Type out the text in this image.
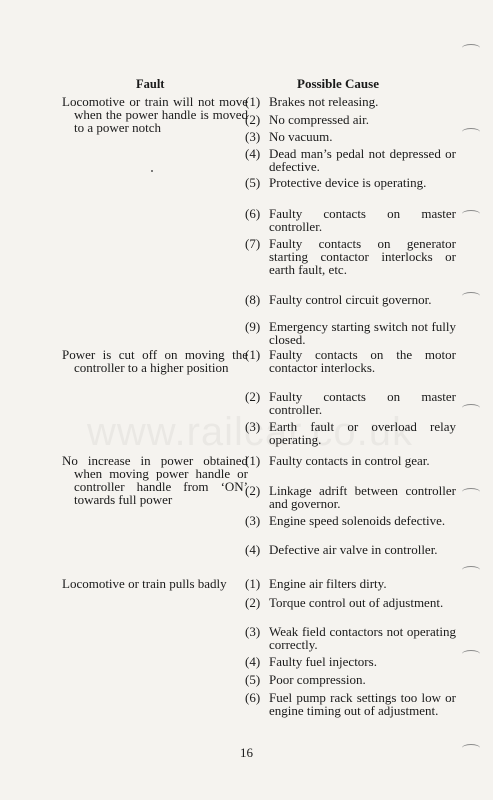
Fault	Possible Cause
Locomotive or train will not move when the power handle is moved to a power notch
(1) Brakes not releasing.
(2) No compressed air.
(3) No vacuum.
(4) Dead man’s pedal not depressed or defective.
(5) Protective device is operating.
(6) Faulty contacts on master controller.
(7) Faulty contacts on generator starting contactor interlocks or earth fault, etc.
(8) Faulty control circuit governor.
(9) Emergency starting switch not fully closed.
Power is cut off on moving the controller to a higher position
(1) Faulty contacts on the motor contactor interlocks.
(2) Faulty contacts on master controller.
(3) Earth fault or overload relay operating.
No increase in power obtained when moving power handle or controller handle from ‘ON’ towards full power
(1) Faulty contacts in control gear.
(2) Linkage adrift between controller and governor.
(3) Engine speed solenoids defective.
(4) Defective air valve in controller.
Locomotive or train pulls badly	(1) Engine air filters dirty.
(2) Torque control out of adjustment.
(3) Weak field contactors not operating correctly.
(4) Faulty fuel injectors.
(5) Poor compression.
(6) Fuel pump rack settings too low or engine timing out of adjustment.
16
